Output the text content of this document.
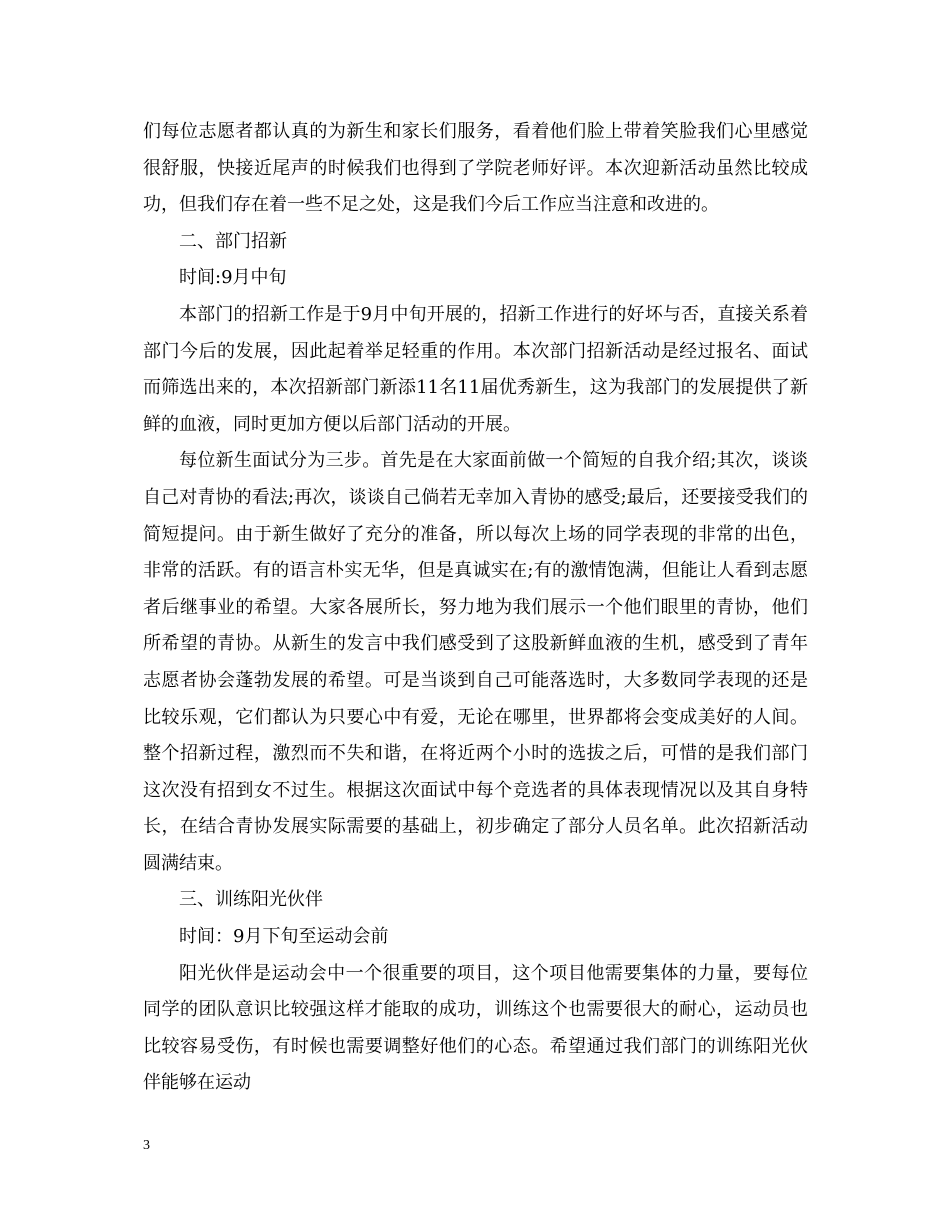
们每位志愿者都认真的为新生和家长们服务，看着他们脸上带着笑脸我们心里感觉很舒服，快接近尾声的时候我们也得到了学院老师好评。本次迎新活动虽然比较成功，但我们存在着一些不足之处，这是我们今后工作应当注意和改进的。

二、部门招新

时间:9月中旬

本部门的招新工作是于9月中旬开展的，招新工作进行的好坏与否，直接关系着部门今后的发展，因此起着举足轻重的作用。本次部门招新活动是经过报名、面试而筛选出来的，本次招新部门新添11名11届优秀新生，这为我部门的发展提供了新鲜的血液，同时更加方便以后部门活动的开展。

每位新生面试分为三步。首先是在大家面前做一个简短的自我介绍;其次，谈谈自己对青协的看法;再次，谈谈自己倘若无幸加入青协的感受;最后，还要接受我们的简短提问。由于新生做好了充分的准备，所以每次上场的同学表现的非常的出色，非常的活跃。有的语言朴实无华，但是真诚实在;有的激情饱满，但能让人看到志愿者后继事业的希望。大家各展所长，努力地为我们展示一个他们眼里的青协，他们所希望的青协。从新生的发言中我们感受到了这股新鲜血液的生机，感受到了青年志愿者协会蓬勃发展的希望。可是当谈到自己可能落选时，大多数同学表现的还是比较乐观，它们都认为只要心中有爱，无论在哪里，世界都将会变成美好的人间。整个招新过程，激烈而不失和谐，在将近两个小时的选拔之后，可惜的是我们部门这次没有招到女不过生。根据这次面试中每个竞选者的具体表现情况以及其自身特长，在结合青协发展实际需要的基础上，初步确定了部分人员名单。此次招新活动圆满结束。

三、训练阳光伙伴

时间：9月下旬至运动会前

阳光伙伴是运动会中一个很重要的项目，这个项目他需要集体的力量，要每位同学的团队意识比较强这样才能取的成功，训练这个也需要很大的耐心，运动员也比较容易受伤，有时候也需要调整好他们的心态。希望通过我们部门的训练阳光伙伴能够在运动

3
